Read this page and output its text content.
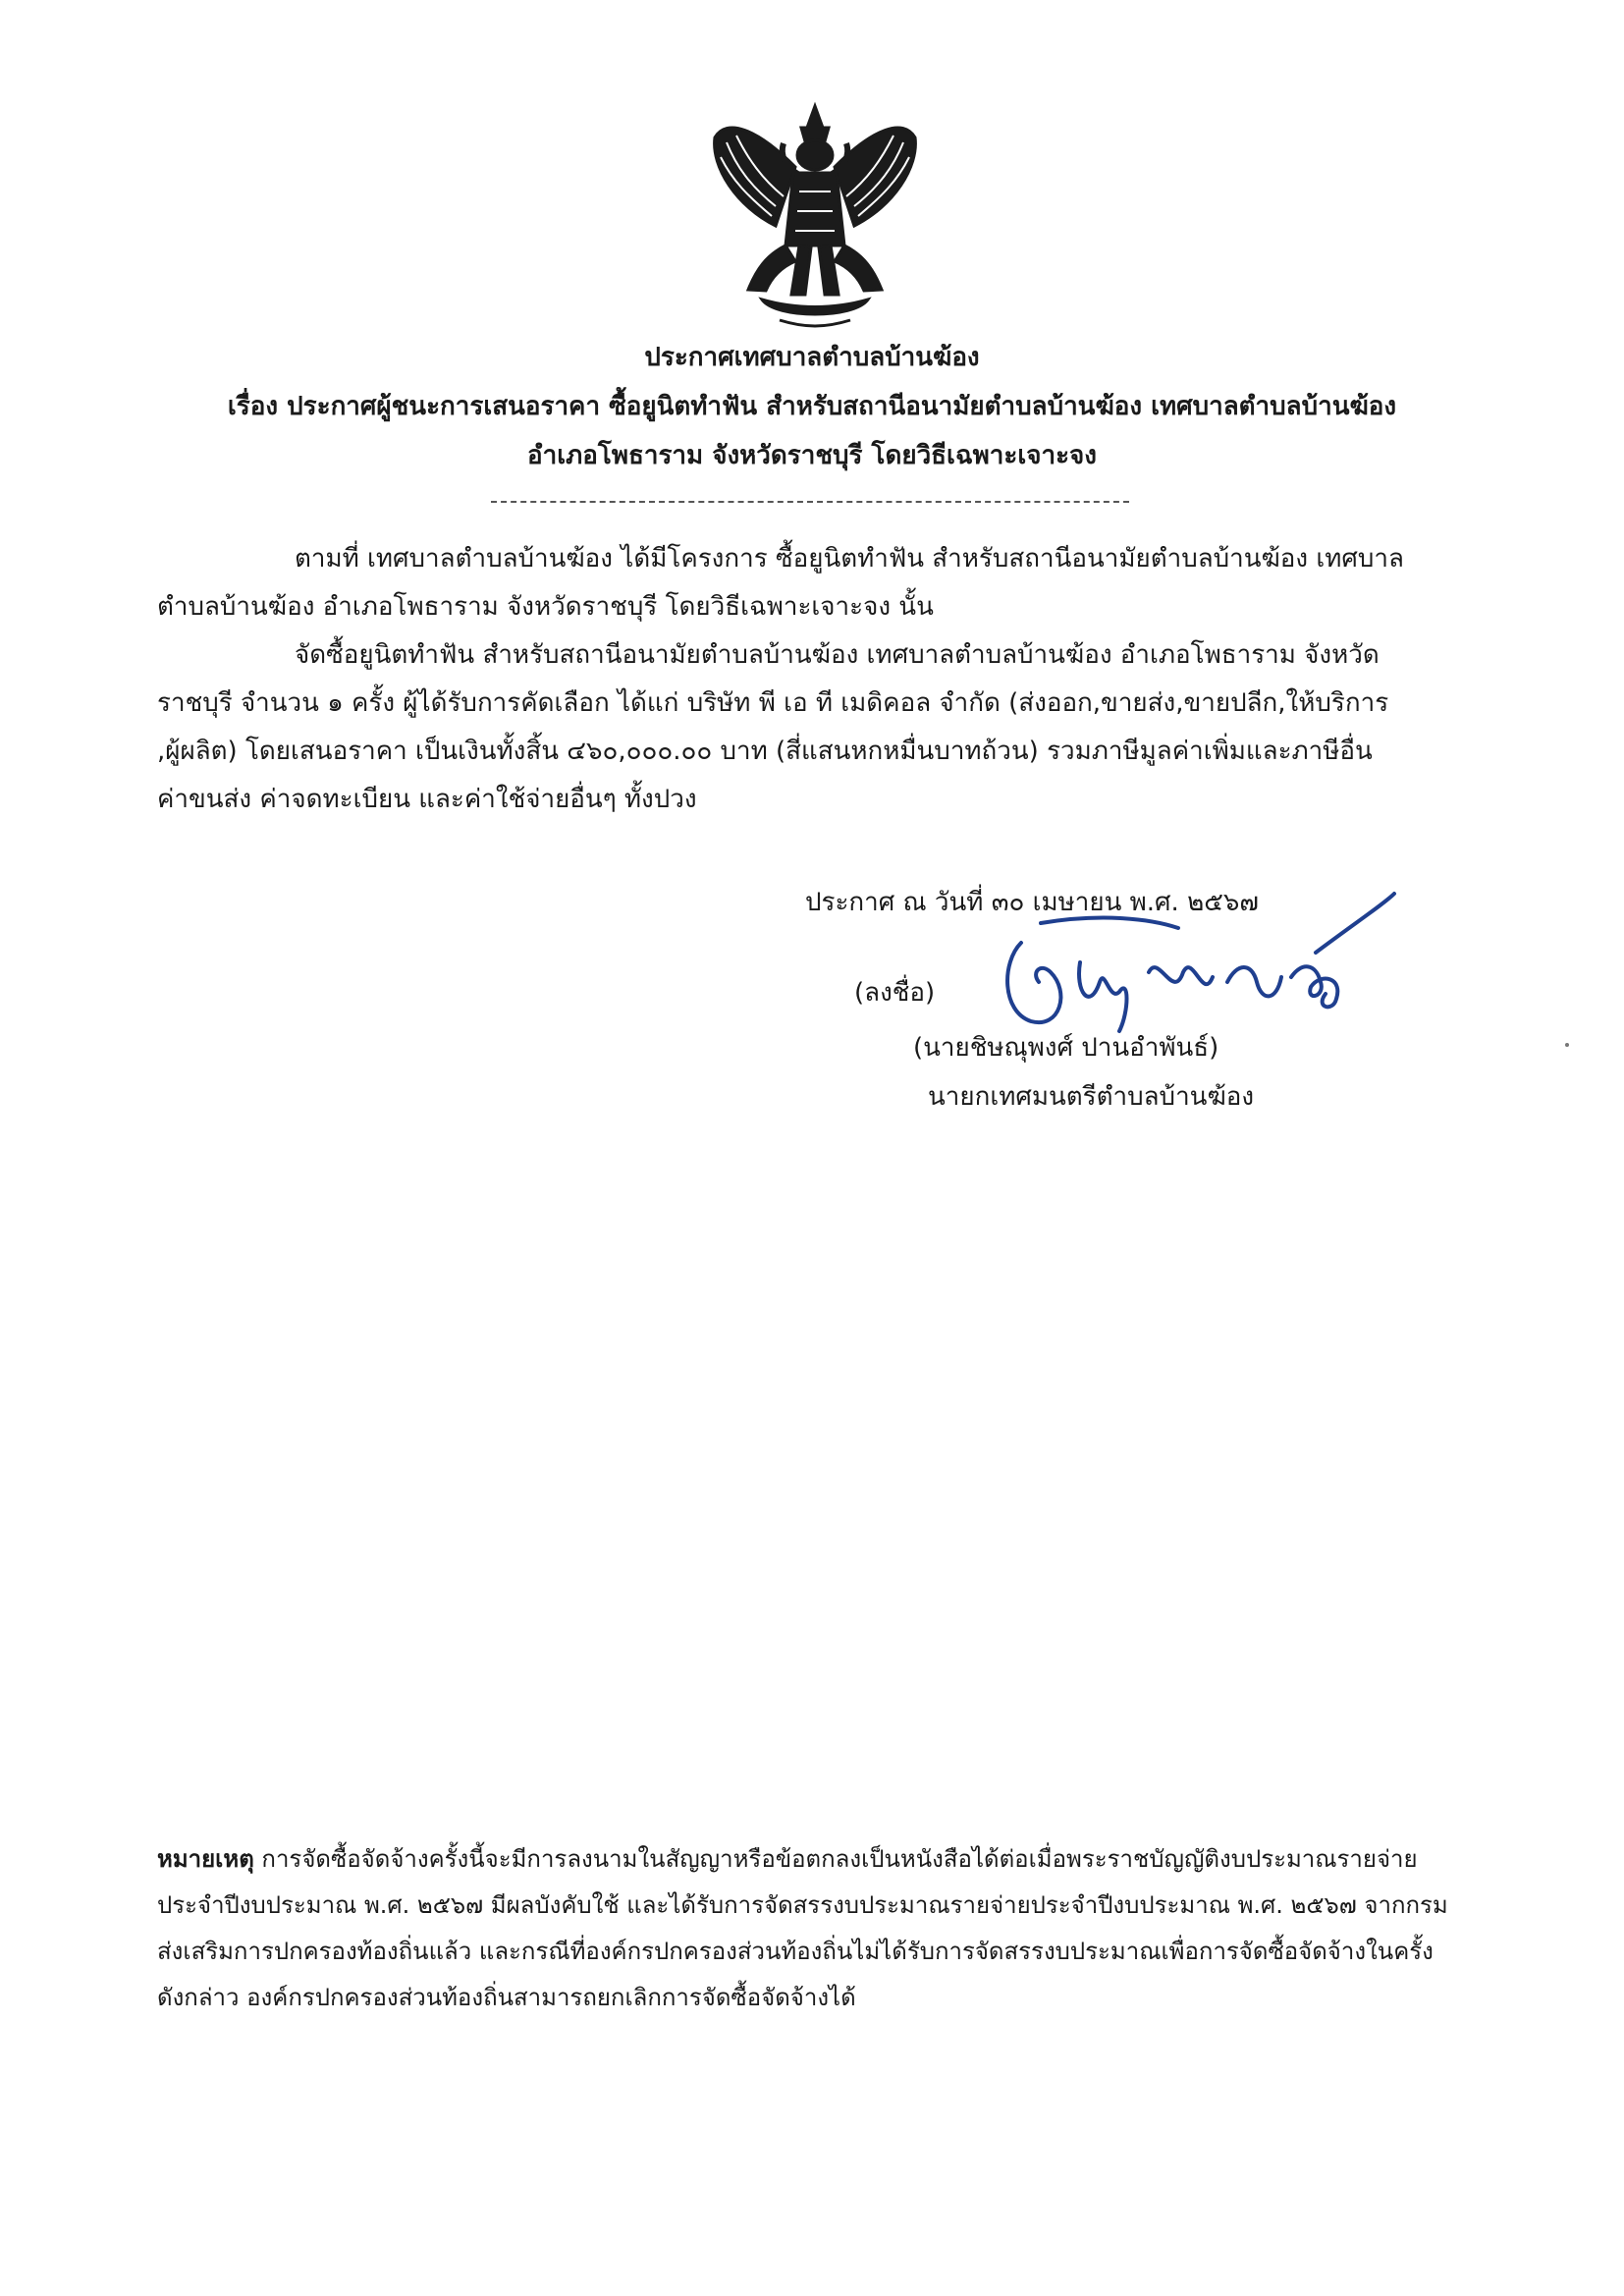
ประกาศเทศบาลตำบลบ้านฆ้อง
เรื่อง ประกาศผู้ชนะการเสนอราคา ซื้อยูนิตทำฟัน สำหรับสถานีอนามัยตำบลบ้านฆ้อง เทศบาลตำบลบ้านฆ้อง
อำเภอโพธาราม จังหวัดราชบุรี โดยวิธีเฉพาะเจาะจง
ตามที่ เทศบาลตำบลบ้านฆ้อง ได้มีโครงการ ซื้อยูนิตทำฟัน สำหรับสถานีอนามัยตำบลบ้านฆ้อง เทศบาล
ตำบลบ้านฆ้อง อำเภอโพธาราม จังหวัดราชบุรี โดยวิธีเฉพาะเจาะจง นั้น
จัดซื้อยูนิตทำฟัน สำหรับสถานีอนามัยตำบลบ้านฆ้อง เทศบาลตำบลบ้านฆ้อง อำเภอโพธาราม จังหวัด
ราชบุรี จำนวน ๑ ครั้ง ผู้ได้รับการคัดเลือก ได้แก่ บริษัท พี เอ ที เมดิคอล จำกัด (ส่งออก,ขายส่ง,ขายปลีก,ให้บริการ
,ผู้ผลิต) โดยเสนอราคา เป็นเงินทั้งสิ้น ๔๖๐,๐๐๐.๐๐ บาท (สี่แสนหกหมื่นบาทถ้วน) รวมภาษีมูลค่าเพิ่มและภาษีอื่น
ค่าขนส่ง ค่าจดทะเบียน และค่าใช้จ่ายอื่นๆ ทั้งปวง
ประกาศ ณ วันที่ ๓๐ เมษายน พ.ศ. ๒๕๖๗
(ลงชื่อ)
(นายชิษณุพงศ์ ปานอำพันธ์)
นายกเทศมนตรีตำบลบ้านฆ้อง
หมายเหตุ การจัดซื้อจัดจ้างครั้งนี้จะมีการลงนามในสัญญาหรือข้อตกลงเป็นหนังสือได้ต่อเมื่อพระราชบัญญัติงบประมาณรายจ่าย
ประจำปีงบประมาณ พ.ศ. ๒๕๖๗ มีผลบังคับใช้ และได้รับการจัดสรรงบประมาณรายจ่ายประจำปีงบประมาณ พ.ศ. ๒๕๖๗ จากกรม
ส่งเสริมการปกครองท้องถิ่นแล้ว และกรณีที่องค์กรปกครองส่วนท้องถิ่นไม่ได้รับการจัดสรรงบประมาณเพื่อการจัดซื้อจัดจ้างในครั้ง
ดังกล่าว องค์กรปกครองส่วนท้องถิ่นสามารถยกเลิกการจัดซื้อจัดจ้างได้
